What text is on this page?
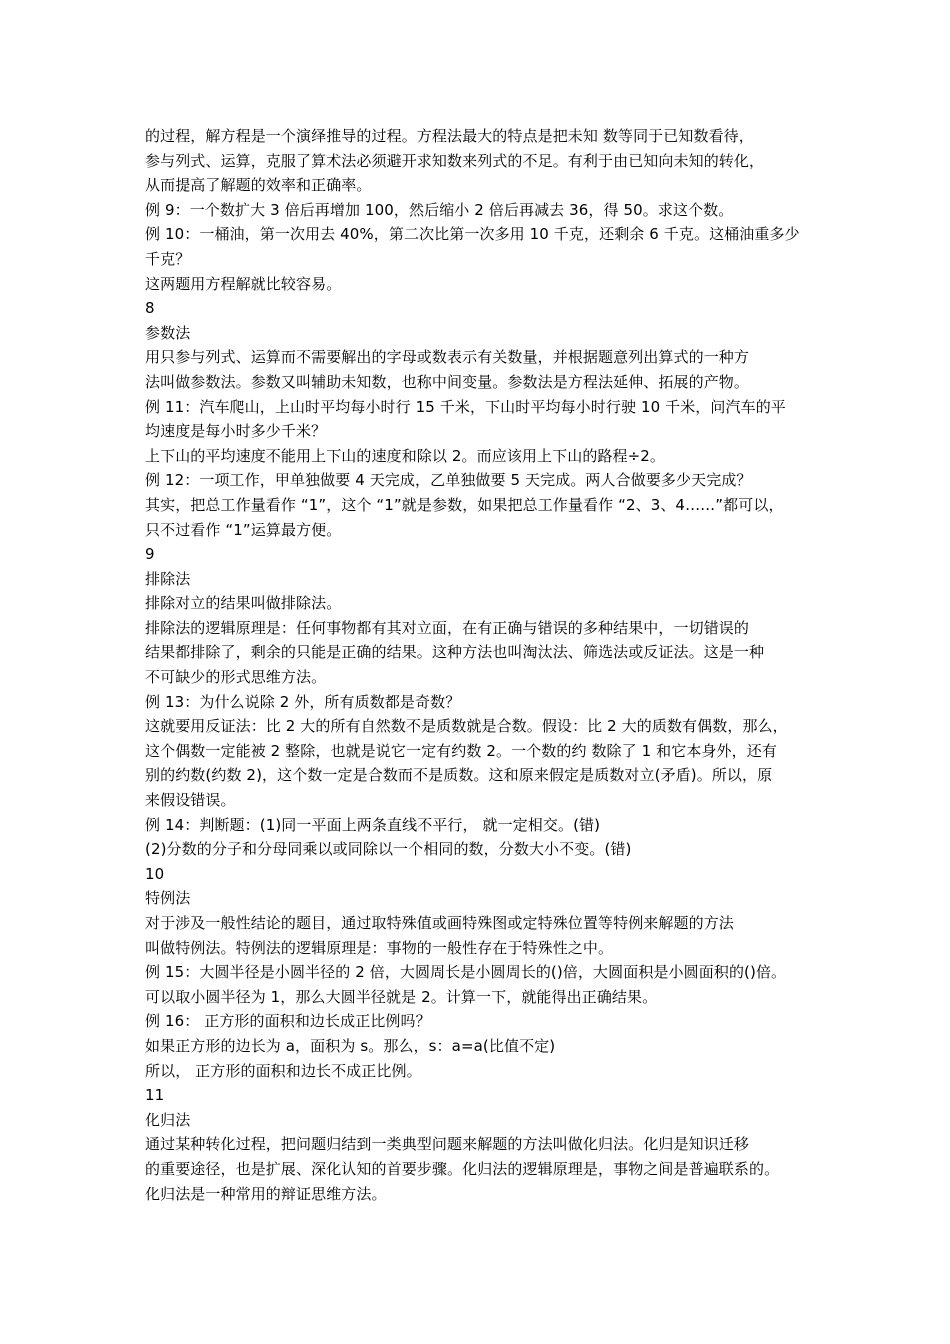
的过程，解方程是一个演绎推导的过程。方程法最大的特点是把未知 数等同于已知数看待，
参与列式、运算，克服了算术法必须避开求知数来列式的不足。有利于由已知向未知的转化，
从而提高了解题的效率和正确率。
例 9：一个数扩大 3 倍后再增加 100，然后缩小 2 倍后再减去 36，得 50。求这个数。
例 10：一桶油，第一次用去 40%，第二次比第一次多用 10 千克，还剩余 6 千克。这桶油重多少
千克？
这两题用方程解就比较容易。
8
参数法
用只参与列式、运算而不需要解出的字母或数表示有关数量，并根据题意列出算式的一种方
法叫做参数法。参数又叫辅助未知数，也称中间变量。参数法是方程法延伸、拓展的产物。
例 11：汽车爬山，上山时平均每小时行 15 千米，下山时平均每小时行驶 10 千米，问汽车的平
均速度是每小时多少千米？
上下山的平均速度不能用上下山的速度和除以 2。而应该用上下山的路程÷2。
例 12：一项工作，甲单独做要 4 天完成，乙单独做要 5 天完成。两人合做要多少天完成？
其实，把总工作量看作 “1”，这个 “1”就是参数，如果把总工作量看作 “2、3、4……”都可以，
只不过看作 “1”运算最方便。
9
排除法
排除对立的结果叫做排除法。
排除法的逻辑原理是：任何事物都有其对立面，在有正确与错误的多种结果中，一切错误的
结果都排除了，剩余的只能是正确的结果。这种方法也叫淘汰法、筛选法或反证法。这是一种
不可缺少的形式思维方法。
例 13：为什么说除 2 外，所有质数都是奇数？
这就要用反证法：比 2 大的所有自然数不是质数就是合数。假设：比 2 大的质数有偶数，那么，
这个偶数一定能被 2 整除，也就是说它一定有约数 2。一个数的约 数除了 1 和它本身外，还有
别的约数(约数 2)，这个数一定是合数而不是质数。这和原来假定是质数对立(矛盾)。所以，原
来假设错误。
例 14：判断题：(1)同一平面上两条直线不平行， 就一定相交。(错)
(2)分数的分子和分母同乘以或同除以一个相同的数，分数大小不变。(错)
10
特例法
对于涉及一般性结论的题目，通过取特殊值或画特殊图或定特殊位置等特例来解题的方法
叫做特例法。特例法的逻辑原理是：事物的一般性存在于特殊性之中。
例 15：大圆半径是小圆半径的 2 倍，大圆周长是小圆周长的()倍，大圆面积是小圆面积的()倍。
可以取小圆半径为 1，那么大圆半径就是 2。计算一下，就能得出正确结果。
例 16： 正方形的面积和边长成正比例吗？
如果正方形的边长为 a，面积为 s。那么，s：a=a(比值不定)
所以， 正方形的面积和边长不成正比例。
11
化归法
通过某种转化过程，把问题归结到一类典型问题来解题的方法叫做化归法。化归是知识迁移
的重要途径，也是扩展、深化认知的首要步骤。化归法的逻辑原理是，事物之间是普遍联系的。
化归法是一种常用的辩证思维方法。
